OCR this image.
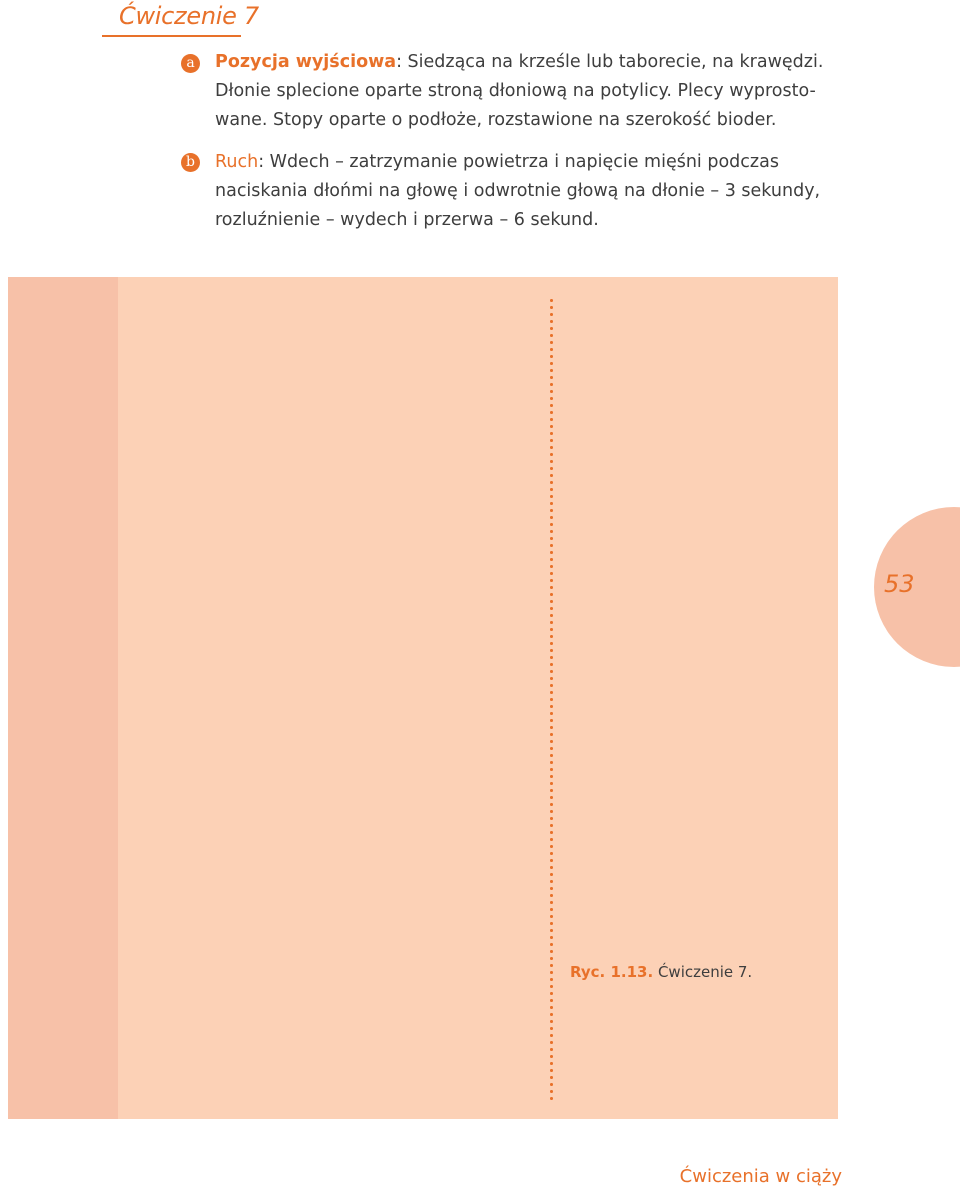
Ćwiczenie 7
a	Pozycja wyjściowa: Siedząca na krześle lub taborecie, na krawędzi. Dłonie splecione oparte stroną dłoniową na potylicy. Plecy wyprosto-wane. Stopy oparte o podłoże, rozstawione na szerokość bioder.

b Ruch: Wdech – zatrzymanie powietrza i napięcie mięśni podczas naciskania dłońmi na głowę i odwrotnie głową na dłonie – 3 sekundy, rozluźnienie – wydech i przerwa – 6 sekund.

Ryc. 1.13. Ćwiczenie 7.
53
Ćwiczenia w ciąży
